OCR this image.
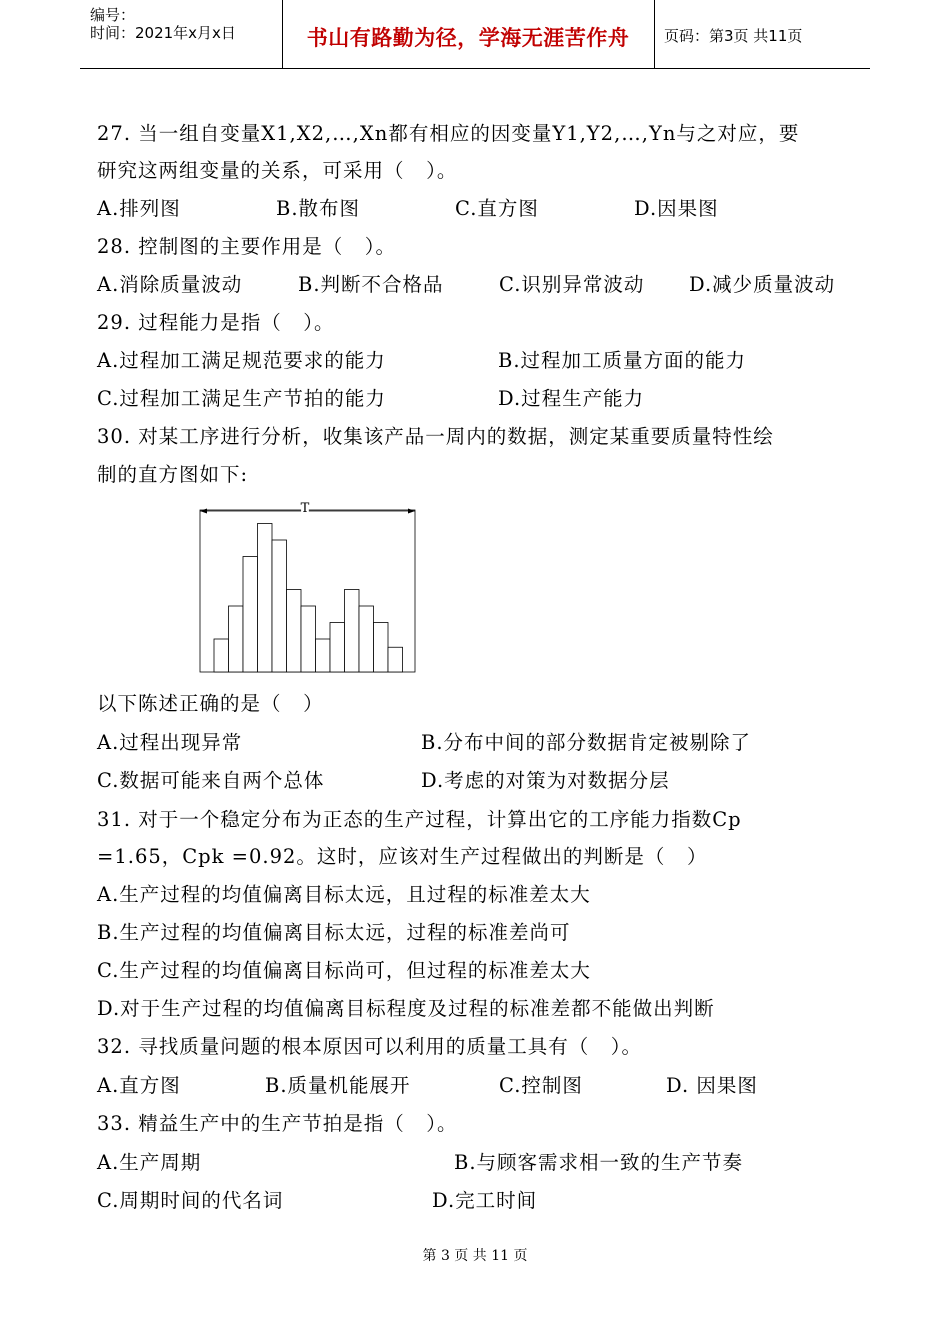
编号：
时间：2021年x月x日	书山有路勤为径，学海无涯苦作舟	页码：第3页 共11页
27. 当一组自变量X1,X2,…,Xn都有相应的因变量Y1,Y2,…,Yn与之对应，要
研究这两组变量的关系，可采用（   ）。
A.排列图	B.散布图	C.直方图	D.因果图
28. 控制图的主要作用是（   ）。
A.消除质量波动	B.判断不合格品	C.识别异常波动 D.减少质量波动
29. 过程能力是指（   ）。
A.过程加工满足规范要求的能力	B.过程加工质量方面的能力
C.过程加工满足生产节拍的能力	D.过程生产能力
30. 对某工序进行分析，收集该产品一周内的数据，测定某重要质量特性绘
制的直方图如下:
T
以下陈述正确的是（   ）
A.过程出现异常	B.分布中间的部分数据肯定被剔除了
C.数据可能来自两个总体	D.考虑的对策为对数据分层
31. 对于一个稳定分布为正态的生产过程，计算出它的工序能力指数Cp
=1.65，Cpk =0.92。这时，应该对生产过程做出的判断是（   ）
A.生产过程的均值偏离目标太远，且过程的标准差太大
B.生产过程的均值偏离目标太远，过程的标准差尚可
C.生产过程的均值偏离目标尚可，但过程的标准差太大
D.对于生产过程的均值偏离目标程度及过程的标准差都不能做出判断
32. 寻找质量问题的根本原因可以利用的质量工具有（   ）。
A.直方图	B.质量机能展开	C.控制图	D. 因果图
33. 精益生产中的生产节拍是指（   ）。
A.生产周期	B.与顾客需求相一致的生产节奏
C.周期时间的代名词	D.完工时间
第 3 页 共 11 页
